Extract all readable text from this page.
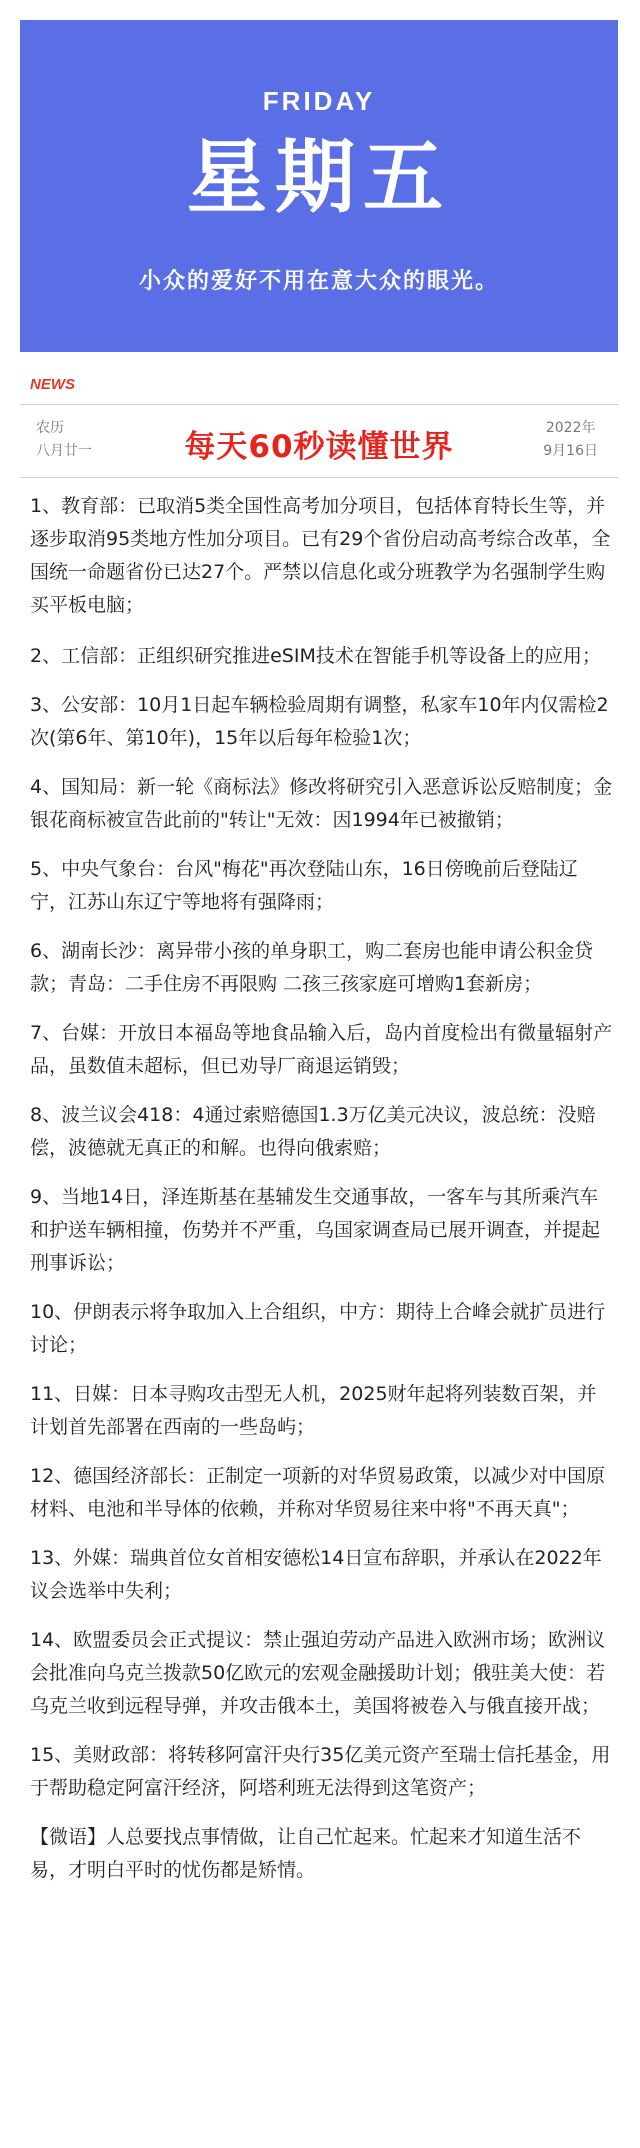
FRIDAY
星期五
小众的爱好不用在意大众的眼光。
NEWS
农历
八月廿一	每天60秒读懂世界
2022年
9月16日

1、教育部：已取消5类全国性高考加分项目，包括体育特长生等，并逐步取消95类地方性加分项目。已有29个省份启动高考综合改革，全国统一命题省份已达27个。严禁以信息化或分班教学为名强制学生购买平板电脑；

2、工信部：正组织研究推进eSIM技术在智能手机等设备上的应用；

3、公安部：10月1日起车辆检验周期有调整，私家车10年内仅需检2次(第6年、第10年)，15年以后每年检验1次；

4、国知局：新一轮《商标法》修改将研究引入恶意诉讼反赔制度；金银花商标被宣告此前的"转让"无效：因1994年已被撤销；

5、中央气象台：台风"梅花"再次登陆山东，16日傍晚前后登陆辽宁，江苏山东辽宁等地将有强降雨；

6、湖南长沙：离异带小孩的单身职工，购二套房也能申请公积金贷款；青岛：二手住房不再限购 二孩三孩家庭可增购1套新房；

7、台媒：开放日本福岛等地食品输入后，岛内首度检出有微量辐射产品，虽数值未超标，但已劝导厂商退运销毁；

8、波兰议会418：4通过索赔德国1.3万亿美元决议，波总统：没赔偿，波德就无真正的和解。也得向俄索赔；

9、当地14日，泽连斯基在基辅发生交通事故，一客车与其所乘汽车和护送车辆相撞，伤势并不严重，乌国家调查局已展开调查，并提起刑事诉讼；

10、伊朗表示将争取加入上合组织，中方：期待上合峰会就扩员进行讨论；

11、日媒：日本寻购攻击型无人机，2025财年起将列装数百架，并计划首先部署在西南的一些岛屿；

12、德国经济部长：正制定一项新的对华贸易政策，以减少对中国原材料、电池和半导体的依赖，并称对华贸易往来中将"不再天真"；

13、外媒：瑞典首位女首相安德松14日宣布辞职，并承认在2022年议会选举中失利；

14、欧盟委员会正式提议：禁止强迫劳动产品进入欧洲市场；欧洲议会批准向乌克兰拨款50亿欧元的宏观金融援助计划；俄驻美大使：若乌克兰收到远程导弹，并攻击俄本土，美国将被卷入与俄直接开战；

15、美财政部：将转移阿富汗央行35亿美元资产至瑞士信托基金，用于帮助稳定阿富汗经济，阿塔利班无法得到这笔资产；

【微语】人总要找点事情做，让自己忙起来。忙起来才知道生活不易，才明白平时的忧伤都是矫情。
